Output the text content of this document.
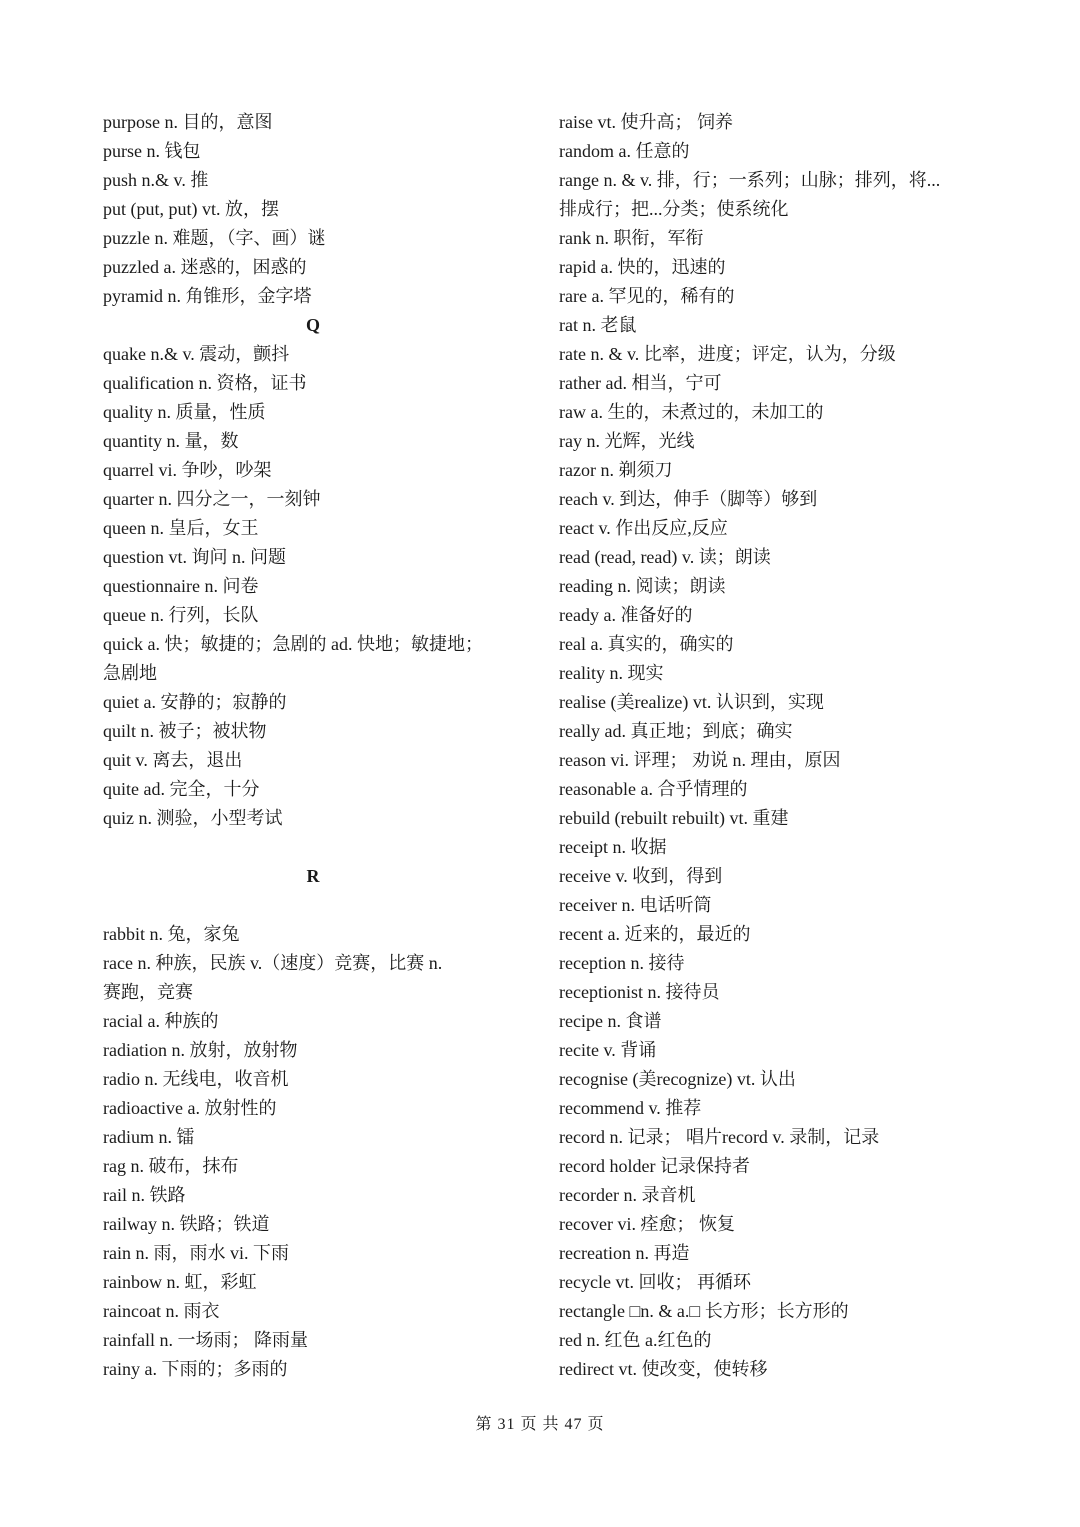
purpose n. 目的，意图
purse n. 钱包
push n.& v. 推
put (put, put) vt. 放，摆
puzzle n. 难题，（字、画）谜
puzzled a. 迷惑的，困惑的
pyramid n. 角锥形，金字塔
Q
quake n.& v. 震动，颤抖
qualification n. 资格，证书
quality n. 质量，性质
quantity n. 量，数
quarrel vi. 争吵，吵架
quarter n. 四分之一，一刻钟
queen n. 皇后，女王
question vt. 询问 n. 问题
questionnaire n. 问卷
queue n. 行列，长队
quick a. 快；敏捷的；急剧的 ad. 快地；敏捷地；
急剧地
quiet a. 安静的；寂静的
quilt n. 被子；被状物
quit v. 离去，退出
quite ad. 完全，十分
quiz n. 测验，小型考试
R
rabbit n. 兔，家兔
race n. 种族，民族 v.（速度）竞赛，比赛 n.
赛跑，竞赛
racial a. 种族的
radiation n. 放射，放射物
radio n. 无线电，收音机
radioactive a. 放射性的
radium n. 镭
rag n. 破布，抹布
rail n. 铁路
railway n. 铁路；铁道
rain n. 雨，雨水 vi. 下雨
rainbow n. 虹，彩虹
raincoat n. 雨衣
rainfall n. 一场雨； 降雨量
rainy a. 下雨的；多雨的
raise vt. 使升高； 饲养
random a. 任意的
range n. & v. 排，行；一系列；山脉；排列，将...
排成行；把...分类；使系统化
rank n. 职衔，军衔
rapid a. 快的，迅速的
rare a. 罕见的，稀有的
rat n. 老鼠
rate n. & v. 比率，进度；评定，认为，分级
rather ad. 相当，宁可
raw a. 生的，未煮过的，未加工的
ray n. 光辉，光线
razor n. 剃须刀
reach v. 到达，伸手（脚等）够到
react v. 作出反应,反应
read (read, read) v. 读；朗读
reading n. 阅读；朗读
ready a. 准备好的
real a. 真实的，确实的
reality n. 现实
realise (美realize) vt. 认识到，实现
really ad. 真正地；到底；确实
reason vi. 评理； 劝说 n. 理由，原因
reasonable a. 合乎情理的
rebuild (rebuilt rebuilt) vt. 重建
receipt n. 收据
receive v. 收到，得到
receiver n. 电话听筒
recent a. 近来的，最近的
reception n. 接待
receptionist n. 接待员
recipe n. 食谱
recite v. 背诵
recognise (美recognize) vt. 认出
recommend v. 推荐
record n. 记录； 唱片record v. 录制，记录
record holder 记录保持者
recorder n. 录音机
recover vi. 痊愈； 恢复
recreation n. 再造
recycle vt. 回收； 再循环
rectangle □n. & a.□ 长方形；长方形的
red n. 红色 a.红色的
redirect vt. 使改变，使转移
第 31 页 共 47 页
